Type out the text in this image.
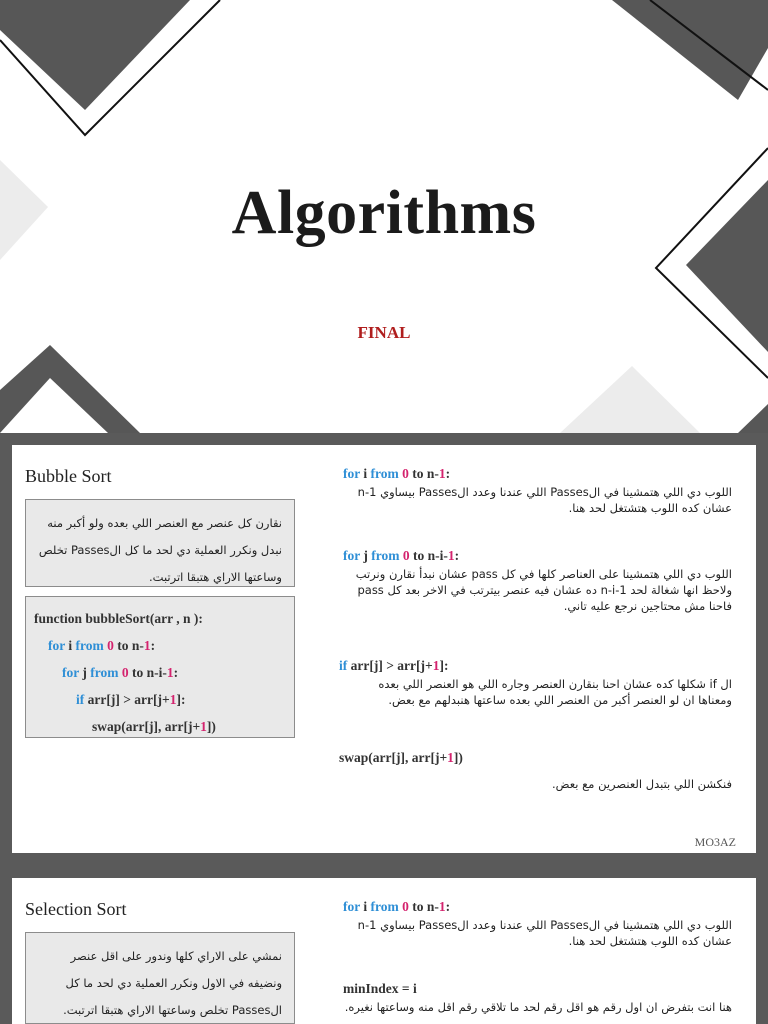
Algorithms
FINAL
Bubble Sort
نقارن كل عنصر مع العنصر اللي بعده ولو أكبر منه نبدل ونكرر العملية دي لحد ما كل الPasses تخلص وساعتها الاراي هتبقا اترتبت.
function bubbleSort(arr , n ):
for i from 0 to n-1:
for j from 0 to n-i-1:
if arr[j] > arr[j+1]:
swap(arr[j], arr[j+1])
for i from 0 to n-1:
اللوب دي اللي هتمشينا في الPasses اللي عندنا وعدد الPasses بيساوي n-1 عشان كده اللوب هتشتغل لحد هنا.
for j from 0 to n-i-1:
اللوب دي اللي هتمشينا على العناصر كلها في كل pass عشان نبدأ نقارن ونرتب ولاحظ انها شغالة لحد n-i-1 ده عشان فيه عنصر بيترتب في الاخر بعد كل pass فاحنا مش محتاجين نرجع عليه تاني.
if arr[j] > arr[j+1]:
ال if شكلها كده عشان احنا بنقارن العنصر وجاره اللي هو العنصر اللي بعده ومعناها ان لو العنصر أكبر من العنصر اللي بعده ساعتها هنبدلهم مع بعض.
swap(arr[j], arr[j+1])
فنكشن اللي بتبدل العنصرين مع بعض.
MO3AZ
Selection Sort
نمشي على الاراي كلها وندور على اقل عنصر ونضيفه في الاول ونكرر العملية دي لحد ما كل الPasses تخلص وساعتها الاراي هتبقا اترتبت.
for i from 0 to n-1:
اللوب دي اللي هتمشينا في الPasses اللي عندنا وعدد الPasses بيساوي n-1 عشان كده اللوب هتشتغل لحد هنا.
minIndex = i
هنا انت بتفرض ان اول رقم هو اقل رقم لحد ما تلاقي رقم اقل منه وساعتها نغيره.
